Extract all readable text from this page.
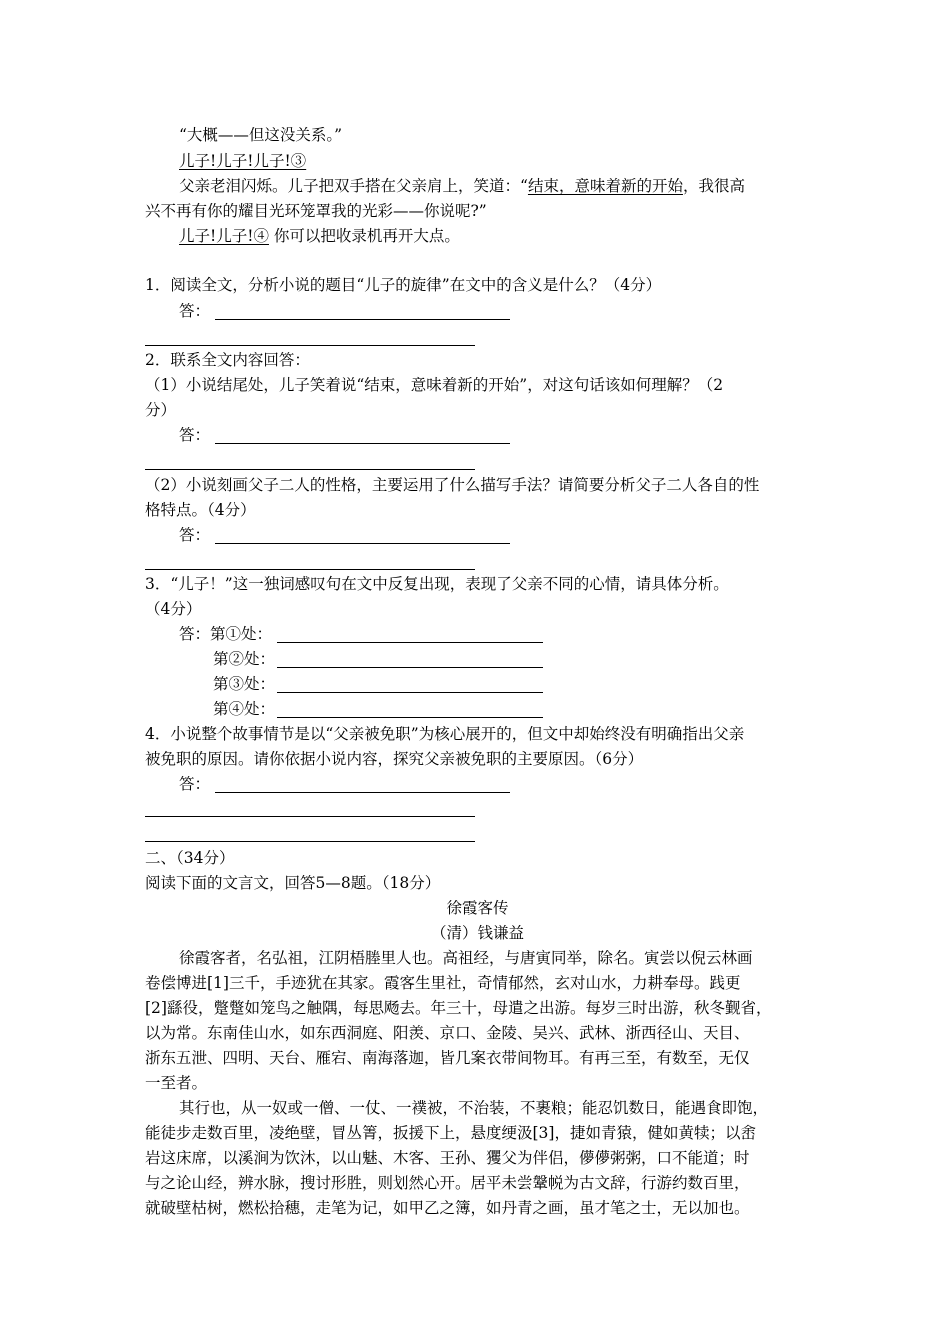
“大概——但这没关系。”
儿子!儿子!儿子!③
父亲老泪闪烁。儿子把双手搭在父亲肩上，笑道：“结束，意味着新的开始，我很高
兴不再有你的耀目光环笼罩我的光彩——你说呢?”
儿子!儿子!④ 你可以把收录机再开大点。
1．阅读全文，分析小说的题目“儿子的旋律”在文中的含义是什么？（4分）
答：
2．联系全文内容回答：
（1）小说结尾处，儿子笑着说“结束，意味着新的开始”，对这句话该如何理解？（2
分）
答：
（2）小说刻画父子二人的性格，主要运用了什么描写手法？请简要分析父子二人各自的性
格特点。（4分）
答：
3．“儿子！”这一独词感叹句在文中反复出现，表现了父亲不同的心情，请具体分析。
（4分）
答：第①处：
第②处：
第③处：
第④处：
4．小说整个故事情节是以“父亲被免职”为核心展开的，但文中却始终没有明确指出父亲
被免职的原因。请你依据小说内容，探究父亲被免职的主要原因。（6分）
答：
二、（34分）
阅读下面的文言文，回答5—8题。（18分）
徐霞客传
（清）钱谦益
徐霞客者，名弘祖，江阴梧塍里人也。高祖经，与唐寅同举，除名。寅尝以倪云林画
卷偿博进[1]三千，手迹犹在其家。霞客生里社，奇情郁然，玄对山水，力耕奉母。践更
[2]繇役，蹩蹩如笼鸟之触隅，每思飏去。年三十，母遣之出游。每岁三时出游，秋冬觐省，
以为常。东南佳山水，如东西洞庭、阳羡、京口、金陵、吴兴、武林、浙西径山、天目、
浙东五泄、四明、天台、雁宕、南海落迦，皆几案衣带间物耳。有再三至，有数至，无仅
一至者。
其行也，从一奴或一僧、一仗、一襆被，不治装，不裹粮；能忍饥数日，能遇食即饱，
能徒步走数百里，凌绝壁，冒丛箐，扳援下上，悬度绠汲[3]，捷如青猿，健如黄犊；以峹
岩这床席，以溪涧为饮沐，以山魅、木客、王孙、玃父为伴侣，儚儚粥粥，口不能道；时
与之论山经，辨水脉，搜讨形胜，则划然心开。居平未尝鞶帨为古文辞，行游约数百里，
就破壁枯树，燃松拾穗，走笔为记，如甲乙之簿，如丹青之画，虽才笔之士，无以加也。
